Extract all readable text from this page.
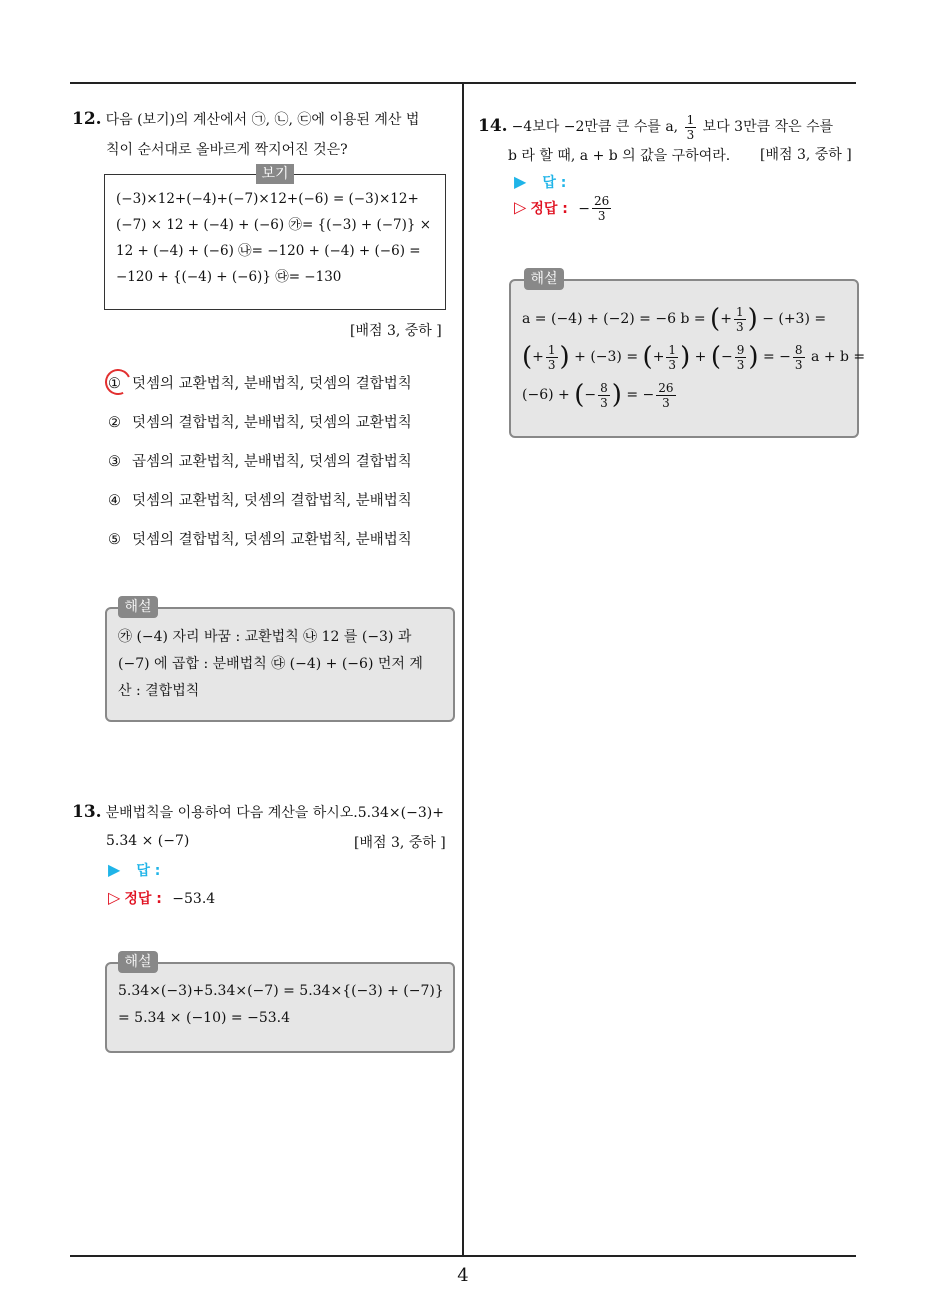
4
12. 다음 (보기)의 계산에서 ㉠, ㉡, ㉢에 이용된 계산 법
칙이 순서대로 올바르게 짝지어진 것은?
보기
(−3)×12+(−4)+(−7)×12+(−6) = (−3)×12+
(−7) × 12 + (−4) + (−6) ㉮= {(−3) + (−7)} ×
12 + (−4) + (−6) ㉯= −120 + (−4) + (−6) =
−120 + {(−4) + (−6)} ㉰= −130
[배점 3, 중하 ]
① 덧셈의 교환법칙, 분배법칙, 덧셈의 결합법칙
② 덧셈의 결합법칙, 분배법칙, 덧셈의 교환법칙
③ 곱셈의 교환법칙, 분배법칙, 덧셈의 결합법칙
④ 덧셈의 교환법칙, 덧셈의 결합법칙, 분배법칙
⑤ 덧셈의 결합법칙, 덧셈의 교환법칙, 분배법칙
해설
㉮ (−4) 자리 바꿈 : 교환법칙 ㉯ 12 를 (−3) 과
(−7) 에 곱합 : 분배법칙 ㉰ (−4) + (−6) 먼저 계
산 : 결합법칙
13. 분배법칙을 이용하여 다음 계산을 하시오.5.34×(−3)+
5.34 × (−7)	[배점 3, 중하 ]
▶ 답 :
▷ 정답 : −53.4
해설
5.34×(−3)+5.34×(−7) = 5.34×{(−3) + (−7)}
= 5.34 × (−10) = −53.4
14. −4보다 −2만큼 큰 수를 a, $\frac{1}{3}$ 보다 3만큼 작은 수를
b 라 할 때, a + b 의 값을 구하여라.	[배점 3, 중하 ]
▶ 답 :
▷ 정답 : − $\frac{26}{3}$
해설
a = (−4) + (−2) = −6 b = (+ $\frac{1}{3}$ ) − (+3) =
(+ $\frac{1}{3}$ ) + (−3) = (+ $\frac{1}{3}$ ) + (− $\frac{9}{3}$ ) = − $\frac{8}{3}$ a + b =
(−6) + (− $\frac{8}{3}$ ) = − $\frac{26}{3}$
